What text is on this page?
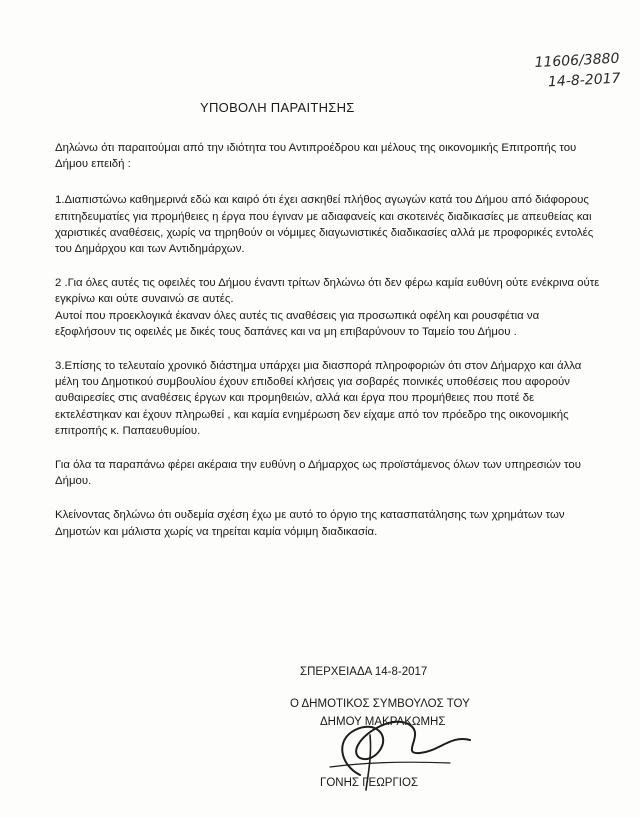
11606/3880
14-8-2017
ΥΠΟΒΟΛΗ ΠΑΡΑΙΤΗΣΗΣ

Δηλώνω ότι παραιτούμαι από την ιδιότητα του Αντιπροέδρου και μέλους της οικονομικής Επιτροπής του Δήμου επειδή :

1.Διαπιστώνω καθημερινά εδώ και καιρό ότι έχει ασκηθεί πλήθος αγωγών κατά του Δήμου από διάφορους επιτηδευματίες για προμήθειες η έργα που έγιναν με αδιαφανείς και σκοτεινές διαδικασίες με απευθείας και χαριστικές αναθέσεις, χωρίς να τηρηθούν οι νόμιμες διαγωνιστικές διαδικασίες αλλά με προφορικές εντολές του Δημάρχου και των Αντιδημάρχων.

2 .Για όλες αυτές τις οφειλές του Δήμου έναντι τρίτων δηλώνω ότι δεν φέρω καμία ευθύνη ούτε ενέκρινα ούτε εγκρίνω και ούτε συναινώ σε αυτές.

Αυτοί που προεκλογικά έκαναν όλες αυτές τις αναθέσεις για προσωπικά οφέλη και ρουσφέτια να εξοφλήσουν τις οφειλές με δικές τους δαπάνες και να μη επιβαρύνουν το Ταμείο του Δήμου .

3.Επίσης το τελευταίο χρονικό διάστημα υπάρχει μια διασπορά πληροφοριών ότι στον Δήμαρχο και άλλα μέλη του Δημοτικού συμβουλίου έχουν επιδοθεί κλήσεις για σοβαρές ποινικές υποθέσεις που αφορούν αυθαιρεσίες στις αναθέσεις έργων και προμηθειών, αλλά και έργα που προμήθειες που ποτέ δε εκτελέστηκαν και έχουν πληρωθεί , και καμία ενημέρωση δεν είχαμε από τον πρόεδρο της οικονομικής επιτροπής κ. Παπαευθυμίου.

Για όλα τα παραπάνω φέρει ακέραια την ευθύνη ο Δήμαρχος ως προϊστάμενος όλων των υπηρεσιών του Δήμου.

Κλείνοντας δηλώνω ότι ουδεμία σχέση έχω με αυτό το όργιο της κατασπατάλησης των χρημάτων των Δημοτών και μάλιστα χωρίς να τηρείται καμία νόμιμη διαδικασία.

ΣΠΕΡΧΕΙΑΔΑ 14-8-2017
Ο ΔΗΜΟΤΙΚΟΣ ΣΥΜΒΟΥΛΟΣ ΤΟΥ
ΔΗΜΟΥ ΜΑΚΡΑΚΩΜΗΣ
ΓΟΝΗΣ ΓΕΩΡΓΙΟΣ
